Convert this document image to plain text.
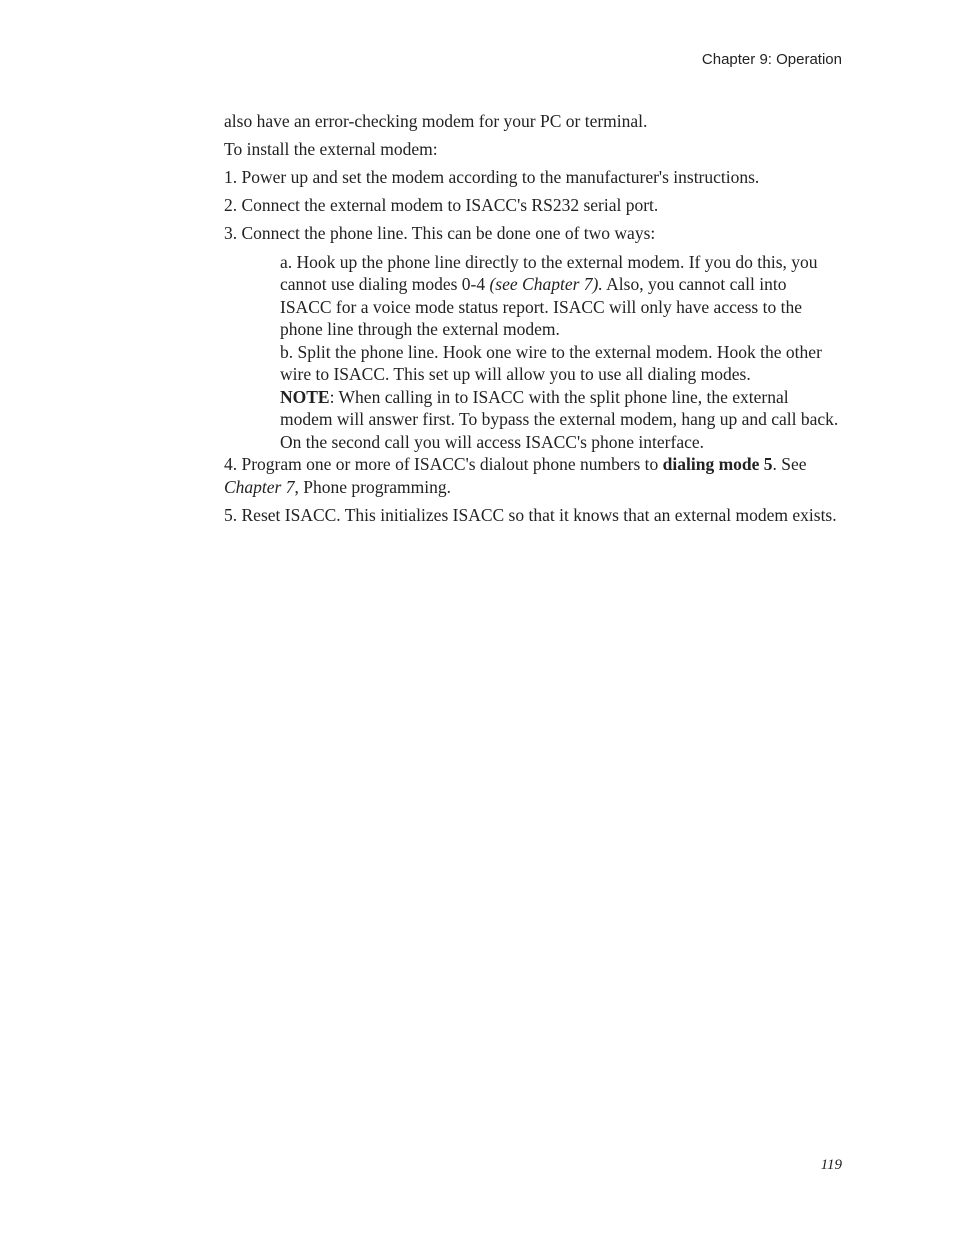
Chapter 9: Operation

also have an error-checking modem for your PC or terminal.

To install the external modem:

1. Power up and set the modem according to the manufacturer's instructions.

2. Connect the external modem to ISACC's RS232 serial port.

3. Connect the phone line. This can be done one of two ways:

a. Hook up the phone line directly to the external modem. If you do this, you cannot use dialing modes 0-4 (see Chapter 7). Also, you cannot call into ISACC for a voice mode status report. ISACC will only have access to the phone line through the external modem.

b. Split the phone line. Hook one wire to the external modem. Hook the other wire to ISACC. This set up will allow you to use all dialing modes.

NOTE: When calling in to ISACC with the split phone line, the external modem will answer first. To bypass the external modem, hang up and call back. On the second call you will access ISACC's phone interface.

4. Program one or more of ISACC's dialout phone numbers to dialing mode 5. See Chapter 7, Phone programming.

5. Reset ISACC. This initializes ISACC so that it knows that an external modem exists.

119
